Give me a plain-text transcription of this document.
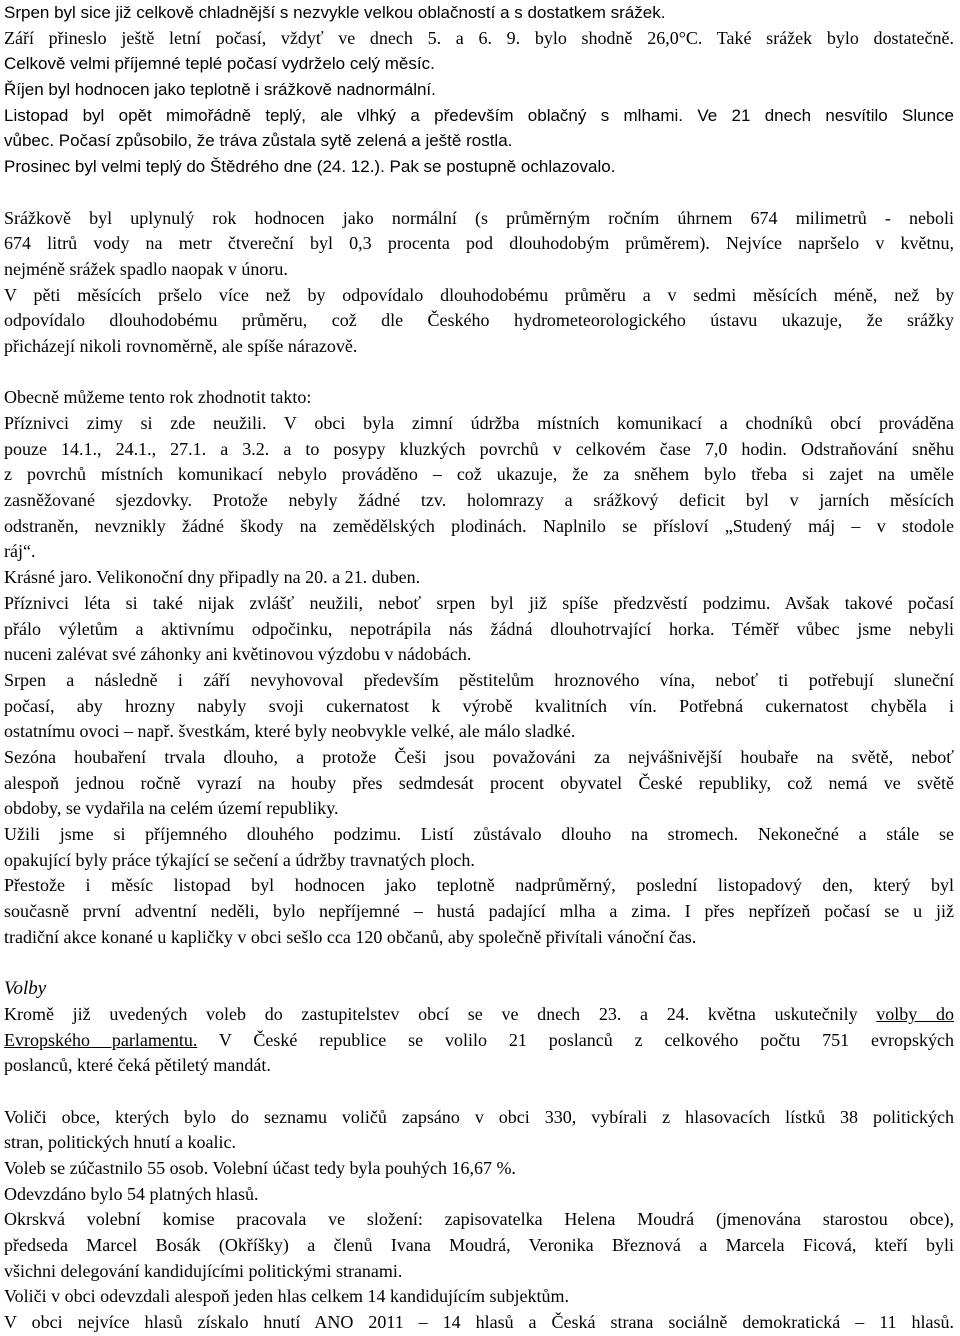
Srpen byl sice již celkově chladnější s nezvykle velkou oblačností a s dostatkem srážek.
Září přineslo ještě letní počasí, vždyť ve dnech 5. a 6. 9. bylo shodně 26,0°C. Také srážek bylo dostatečně.
Celkově velmi příjemné teplé počasí vydrželo celý měsíc.
Říjen byl hodnocen jako teplotně i srážkově nadnormální.
Listopad byl opět mimořádně teplý, ale vlhký a především oblačný s mlhami. Ve 21 dnech nesvítilo Slunce
vůbec. Počasí způsobilo, že tráva zůstala sytě zelená a ještě rostla.
Prosinec byl velmi teplý do Štědrého dne (24. 12.). Pak se postupně ochlazovalo.
Srážkově byl uplynulý rok hodnocen jako normální (s průměrným ročním úhrnem 674 milimetrů - neboli
674 litrů vody na metr čtvereční byl 0,3 procenta pod dlouhodobým průměrem). Nejvíce napršelo v květnu,
nejméně srážek spadlo naopak v únoru.
V pěti měsících pršelo více než by odpovídalo dlouhodobému průměru a v sedmi měsících méně, než by
odpovídalo dlouhodobému průměru, což dle Českého hydrometeorologického ústavu ukazuje, že srážky
přicházejí nikoli rovnoměrně, ale spíše nárazově.
Obecně můžeme tento rok zhodnotit takto:
Příznivci zimy si zde neužili. V obci byla zimní údržba místních komunikací a chodníků obcí prováděna
pouze 14.1., 24.1., 27.1. a 3.2. a to posypy kluzkých povrchů v celkovém čase 7,0 hodin. Odstraňování sněhu
z povrchů místních komunikací nebylo prováděno – což ukazuje, že za sněhem bylo třeba si zajet na uměle
zasněžované sjezdovky. Protože nebyly žádné tzv. holomrazy a srážkový deficit byl v jarních měsících
odstraněn, nevznikly žádné škody na zemědělských plodinách. Naplnilo se přísloví „Studený máj – v stodole
ráj“.
Krásné jaro. Velikonoční dny připadly na 20. a 21. duben.
Příznivci léta si také nijak zvlášť neužili, neboť srpen byl již spíše předzvěstí podzimu. Avšak takové počasí
přálo výletům a aktivnímu odpočinku, nepotrápila nás žádná dlouhotrvající horka. Téměř vůbec jsme nebyli
nuceni zalévat své záhonky ani květinovou výzdobu v nádobách.
Srpen a následně i září nevyhovoval především pěstitelům hroznového vína, neboť ti potřebují sluneční
počasí, aby hrozny nabyly svoji cukernatost k výrobě kvalitních vín. Potřebná cukernatost chyběla i
ostatnímu ovoci – např. švestkám, které byly neobvykle velké, ale málo sladké.
Sezóna houbaření trvala dlouho, a protože Češi jsou považováni za nejvášnivější houbaře na světě, neboť
alespoň jednou ročně vyrazí na houby přes sedmdesát procent obyvatel České republiky, což nemá ve světě
obdoby, se vydařila na celém území republiky.
Užili jsme si příjemného dlouhého podzimu. Listí zůstávalo dlouho na stromech. Nekonečné a stále se
opakující byly práce týkající se sečení a údržby travnatých ploch.
Přestože i měsíc listopad byl hodnocen jako teplotně nadprůměrný, poslední listopadový den, který byl
současně první adventní neděli, bylo nepříjemné – hustá padající mlha a zima. I přes nepřízeň počasí se u již
tradiční akce konané u kapličky v obci sešlo cca 120 občanů, aby společně přivítali vánoční čas.
Volby
Kromě již uvedených voleb do zastupitelstev obcí se ve dnech 23. a 24. května uskutečnily volby do
Evropského parlamentu. V České republice se volilo 21 poslanců z celkového počtu 751 evropských
poslanců, které čeká pětiletý mandát.
Voliči obce, kterých bylo do seznamu voličů zapsáno v obci 330, vybírali z hlasovacích lístků 38 politických
stran, politických hnutí a koalic.
Voleb se zúčastnilo 55 osob. Volební účast tedy byla pouhých 16,67 %.
Odevzdáno bylo 54 platných hlasů.
Okrskvá volební komise pracovala ve složení: zapisovatelka Helena Moudrá (jmenována starostou obce),
předseda Marcel Bosák (Okříšky) a členů Ivana Moudrá, Veronika Březnová a Marcela Ficová, kteří byli
všichni delegování kandidujícími politickými stranami.
Voliči v obci odevzdali alespoň jeden hlas celkem 14 kandidujícím subjektům.
V obci nejvíce hlasů získalo hnutí ANO 2011 – 14 hlasů a Česká strana sociálně demokratická – 11 hlasů.
